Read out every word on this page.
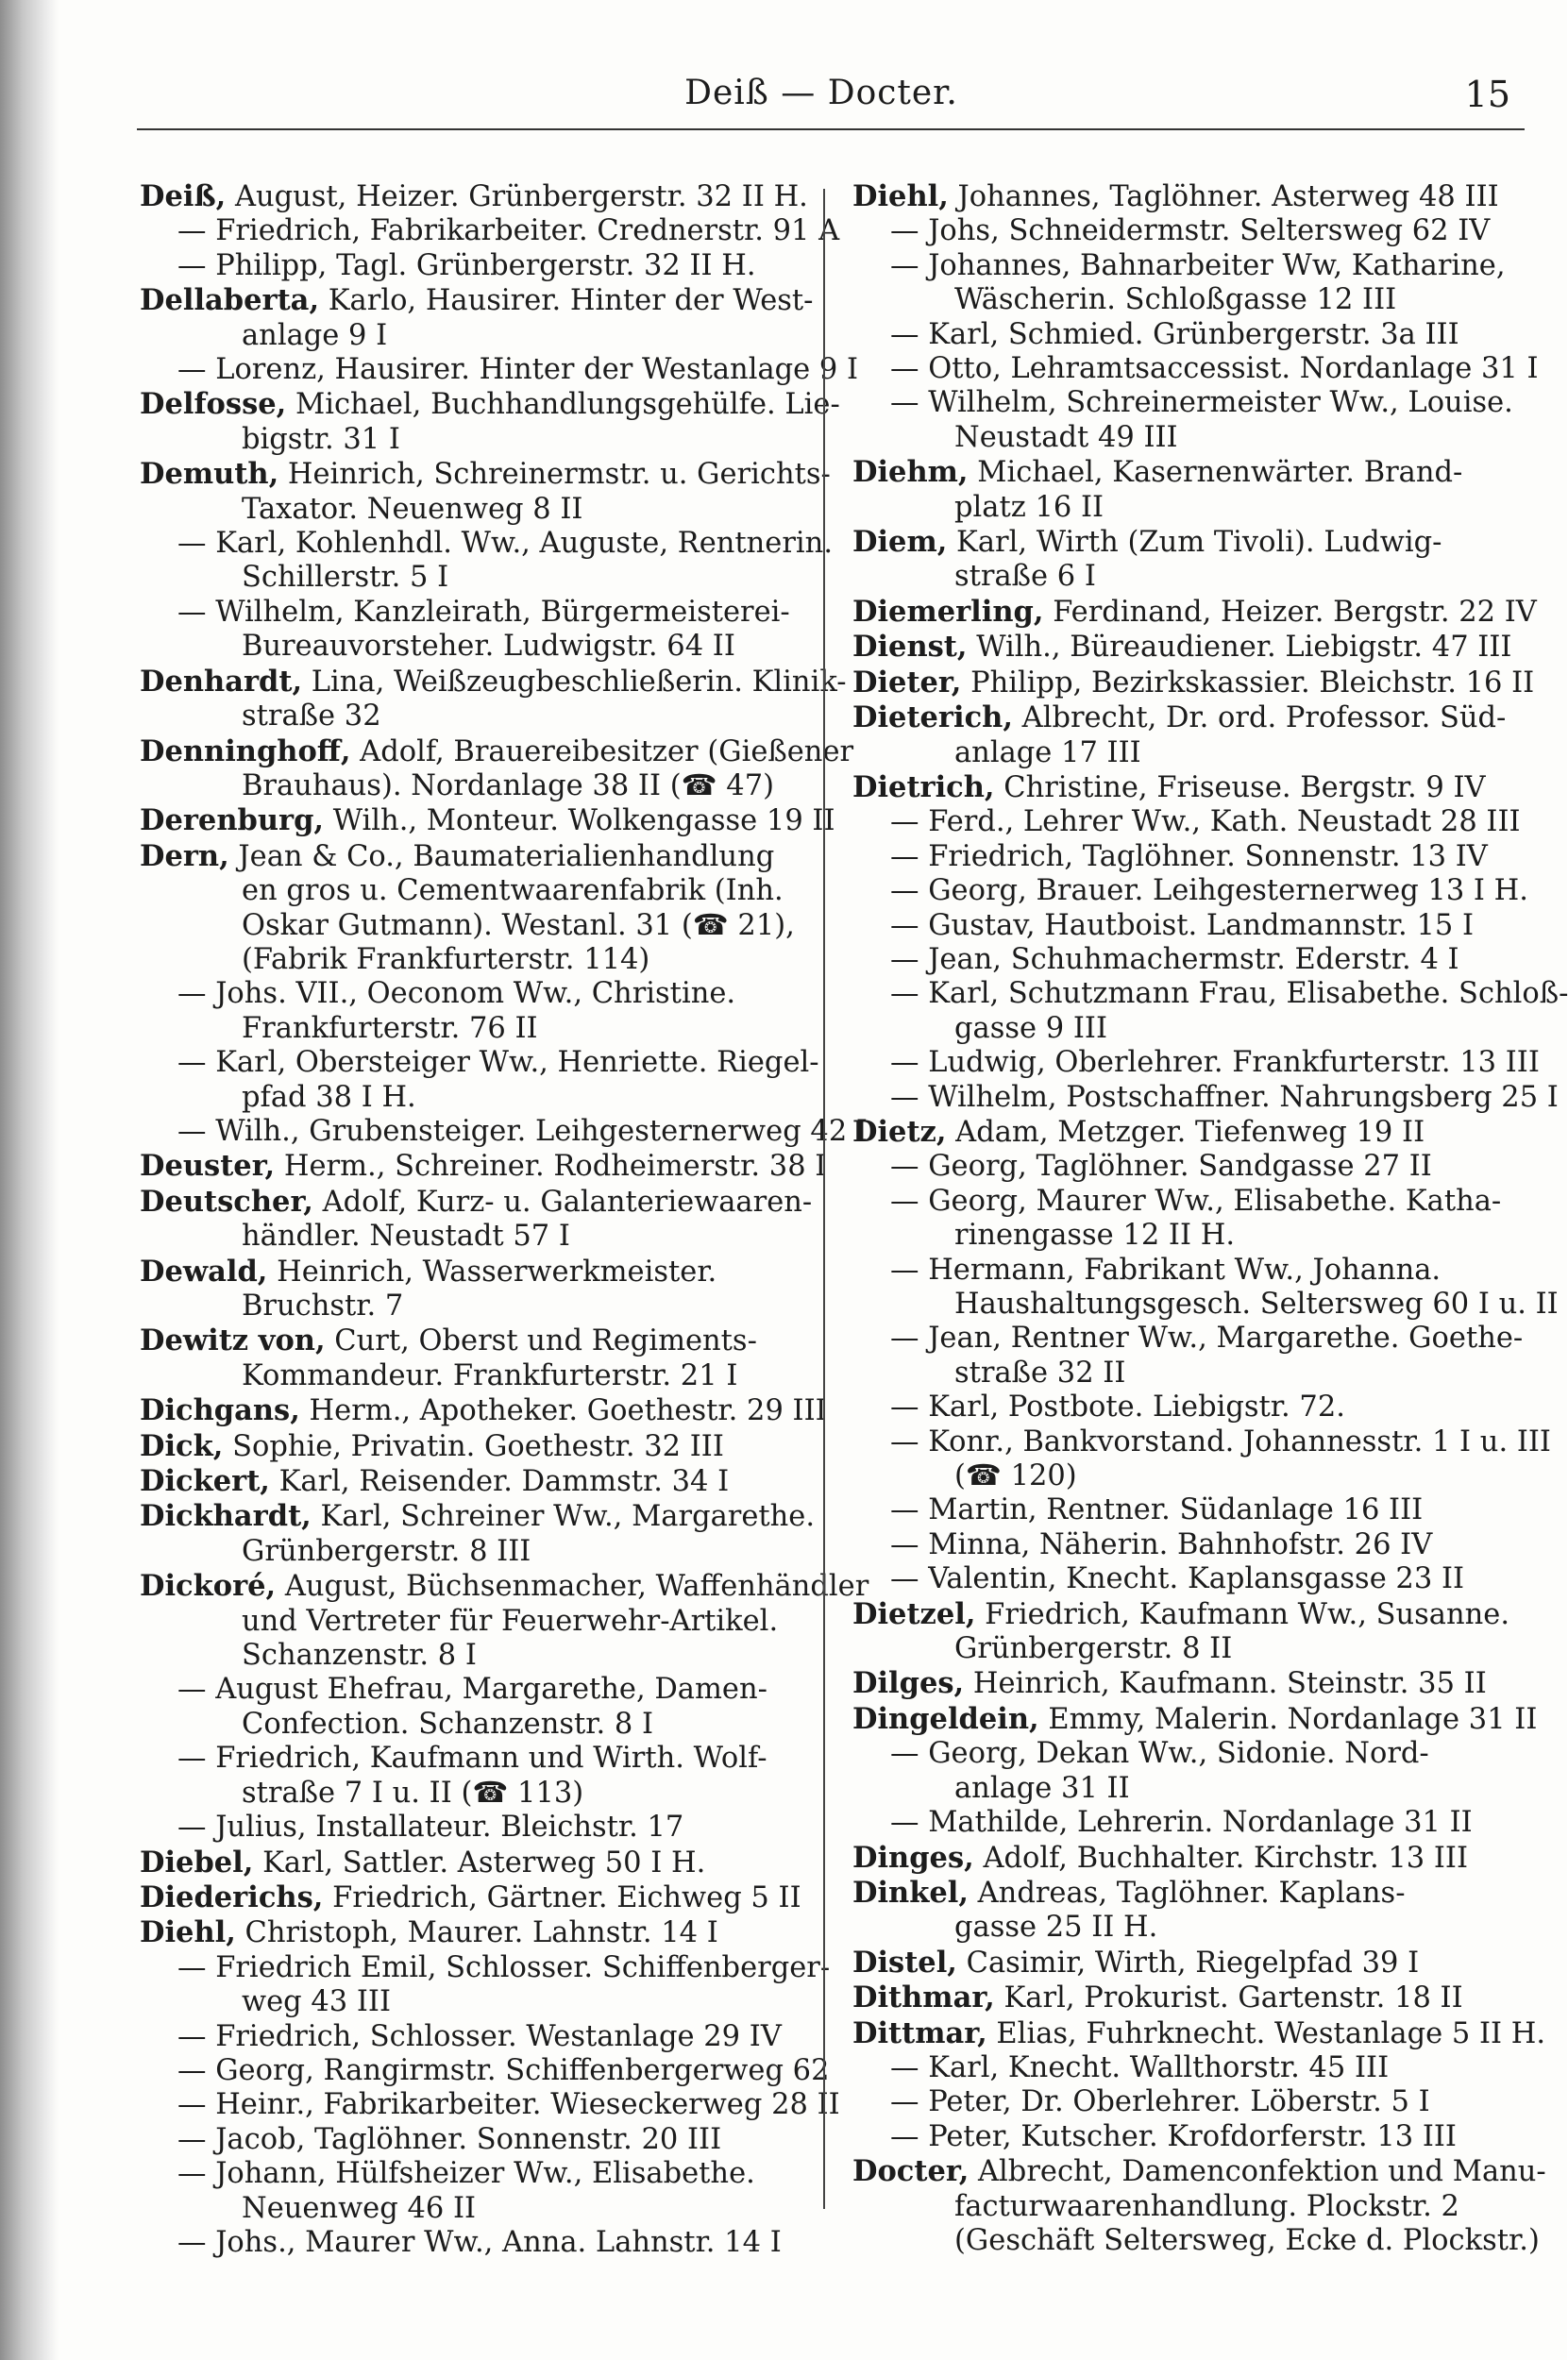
Deiß — Docter.	15
Deiß, August, Heizer. Grünbergerstr. 32 II H.
— Friedrich, Fabrikarbeiter. Crednerstr. 91 A
— Philipp, Tagl. Grünbergerstr. 32 II H.
Dellaberta, Karlo, Hausirer. Hinter der West-
anlage 9 I
— Lorenz, Hausirer. Hinter der Westanlage 9 I
Delfosse, Michael, Buchhandlungsgehülfe. Lie-
bigstr. 31 I
Demuth, Heinrich, Schreinermstr. u. Gerichts-
Taxator. Neuenweg 8 II
— Karl, Kohlenhdl. Ww., Auguste, Rentnerin.
Schillerstr. 5 I
— Wilhelm, Kanzleirath, Bürgermeisterei-
Bureauvorsteher. Ludwigstr. 64 II
Denhardt, Lina, Weißzeugbeschließerin. Klinik-
straße 32
Denninghoff, Adolf, Brauereibesitzer (Gießener
Brauhaus). Nordanlage 38 II (☎ 47)
Derenburg, Wilh., Monteur. Wolkengasse 19 II
Dern, Jean & Co., Baumaterialienhandlung
en gros u. Cementwaarenfabrik (Inh.
Oskar Gutmann). Westanl. 31 (☎ 21),
(Fabrik Frankfurterstr. 114)
— Johs. VII., Oeconom Ww., Christine.
Frankfurterstr. 76 II
— Karl, Obersteiger Ww., Henriette. Riegel-
pfad 38 I H.
— Wilh., Grubensteiger. Leihgesternerweg 42 I
Deuster, Herm., Schreiner. Rodheimerstr. 38 I
Deutscher, Adolf, Kurz- u. Galanteriewaaren-
händler. Neustadt 57 I
Dewald, Heinrich, Wasserwerkmeister.
Bruchstr. 7
Dewitz von, Curt, Oberst und Regiments-
Kommandeur. Frankfurterstr. 21 I
Dichgans, Herm., Apotheker. Goethestr. 29 III
Dick, Sophie, Privatin. Goethestr. 32 III
Dickert, Karl, Reisender. Dammstr. 34 I
Dickhardt, Karl, Schreiner Ww., Margarethe.
Grünbergerstr. 8 III
Dickoré, August, Büchsenmacher, Waffenhändler
und Vertreter für Feuerwehr-Artikel.
Schanzenstr. 8 I
— August Ehefrau, Margarethe, Damen-
Confection. Schanzenstr. 8 I
— Friedrich, Kaufmann und Wirth. Wolf-
straße 7 I u. II (☎ 113)
— Julius, Installateur. Bleichstr. 17
Diebel, Karl, Sattler. Asterweg 50 I H.
Diederichs, Friedrich, Gärtner. Eichweg 5 II
Diehl, Christoph, Maurer. Lahnstr. 14 I
— Friedrich Emil, Schlosser. Schiffenberger-
weg 43 III
— Friedrich, Schlosser. Westanlage 29 IV
— Georg, Rangirmstr. Schiffenbergerweg 62
— Heinr., Fabrikarbeiter. Wieseckerweg 28 II
— Jacob, Taglöhner. Sonnenstr. 20 III
— Johann, Hülfsheizer Ww., Elisabethe.
Neuenweg 46 II
— Johs., Maurer Ww., Anna. Lahnstr. 14 I
Diehl, Johannes, Taglöhner. Asterweg 48 III
— Johs, Schneidermstr. Seltersweg 62 IV
— Johannes, Bahnarbeiter Ww, Katharine,
Wäscherin. Schloßgasse 12 III
— Karl, Schmied. Grünbergerstr. 3a III
— Otto, Lehramtsaccessist. Nordanlage 31 I
— Wilhelm, Schreinermeister Ww., Louise.
Neustadt 49 III
Diehm, Michael, Kasernenwärter. Brand-
platz 16 II
Diem, Karl, Wirth (Zum Tivoli). Ludwig-
straße 6 I
Diemerling, Ferdinand, Heizer. Bergstr. 22 IV
Dienst, Wilh., Büreaudiener. Liebigstr. 47 III
Dieter, Philipp, Bezirkskassier. Bleichstr. 16 II
Dieterich, Albrecht, Dr. ord. Professor. Süd-
anlage 17 III
Dietrich, Christine, Friseuse. Bergstr. 9 IV
— Ferd., Lehrer Ww., Kath. Neustadt 28 III
— Friedrich, Taglöhner. Sonnenstr. 13 IV
— Georg, Brauer. Leihgesternerweg 13 I H.
— Gustav, Hautboist. Landmannstr. 15 I
— Jean, Schuhmachermstr. Ederstr. 4 I
— Karl, Schutzmann Frau, Elisabethe. Schloß-
gasse 9 III
— Ludwig, Oberlehrer. Frankfurterstr. 13 III
— Wilhelm, Postschaffner. Nahrungsberg 25 I
Dietz, Adam, Metzger. Tiefenweg 19 II
— Georg, Taglöhner. Sandgasse 27 II
— Georg, Maurer Ww., Elisabethe. Katha-
rinengasse 12 II H.
— Hermann, Fabrikant Ww., Johanna.
Haushaltungsgesch. Seltersweg 60 I u. II
— Jean, Rentner Ww., Margarethe. Goethe-
straße 32 II
— Karl, Postbote. Liebigstr. 72.
— Konr., Bankvorstand. Johannesstr. 1 I u. III
(☎ 120)
— Martin, Rentner. Südanlage 16 III
— Minna, Näherin. Bahnhofstr. 26 IV
— Valentin, Knecht. Kaplansgasse 23 II
Dietzel, Friedrich, Kaufmann Ww., Susanne.
Grünbergerstr. 8 II
Dilges, Heinrich, Kaufmann. Steinstr. 35 II
Dingeldein, Emmy, Malerin. Nordanlage 31 II
— Georg, Dekan Ww., Sidonie. Nord-
anlage 31 II
— Mathilde, Lehrerin. Nordanlage 31 II
Dinges, Adolf, Buchhalter. Kirchstr. 13 III
Dinkel, Andreas, Taglöhner. Kaplans-
gasse 25 II H.
Distel, Casimir, Wirth, Riegelpfad 39 I
Dithmar, Karl, Prokurist. Gartenstr. 18 II
Dittmar, Elias, Fuhrknecht. Westanlage 5 II H.
— Karl, Knecht. Wallthorstr. 45 III
— Peter, Dr. Oberlehrer. Löberstr. 5 I
— Peter, Kutscher. Krofdorferstr. 13 III
Docter, Albrecht, Damenconfektion und Manu-
facturwaarenhandlung. Plockstr. 2
(Geschäft Seltersweg, Ecke d. Plockstr.)
